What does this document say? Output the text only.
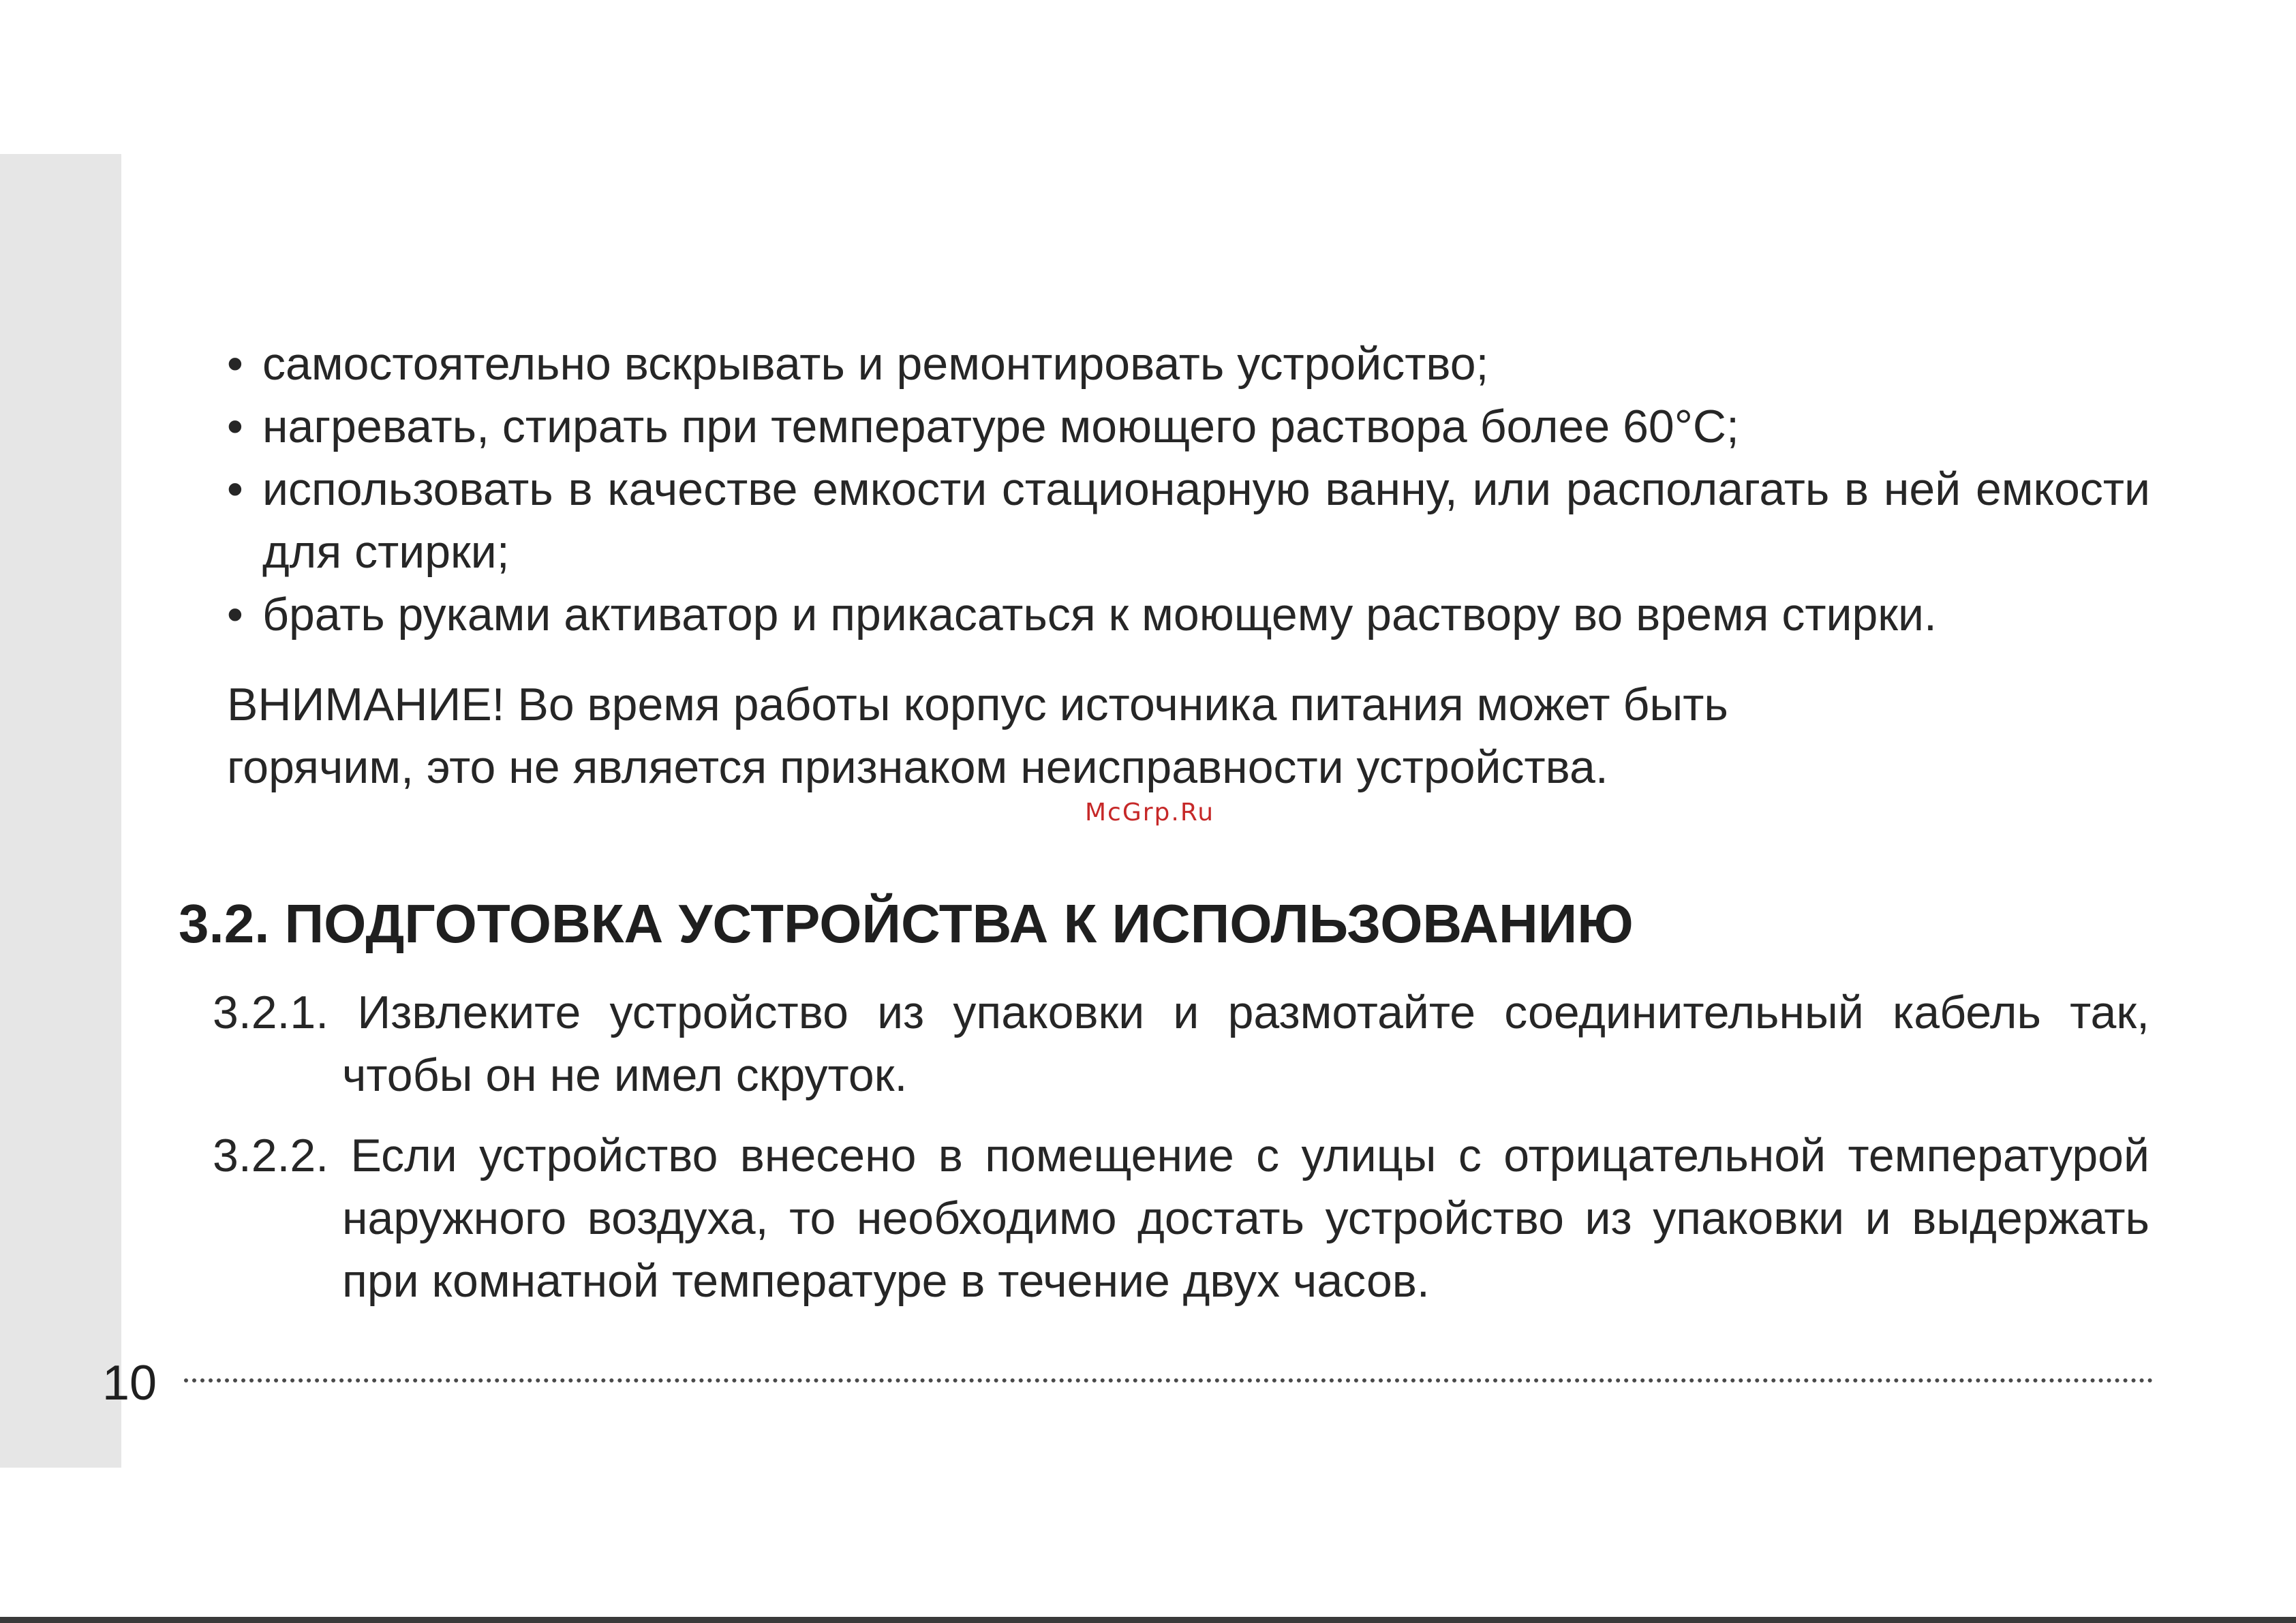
• самостоятельно вскрывать и ремонтировать устройство;
• нагревать, стирать при температуре моющего раствора более 60°С;
• использовать в качестве емкости стационарную ванну, или располагать в ней емкости для стирки;
• брать руками активатор и прикасаться к моющему раствору во время стирки.

ВНИМАНИЕ! Во время работы корпус источника питания может быть
горячим, это не является признаком неисправности устройства.

McGrp.Ru
3.2. ПОДГОТОВКА УСТРОЙСТВА К ИСПОЛЬЗОВАНИЮ
3.2.1. Извлеките устройство из упаковки и размотайте соединительный кабель так, чтобы он не имел скруток.
3.2.2. Если устройство внесено в помещение с улицы с отрицательной температурой наружного воздуха, то необходимо достать устройство из упаковки и выдержать при комнатной температуре в течение двух часов.
10
